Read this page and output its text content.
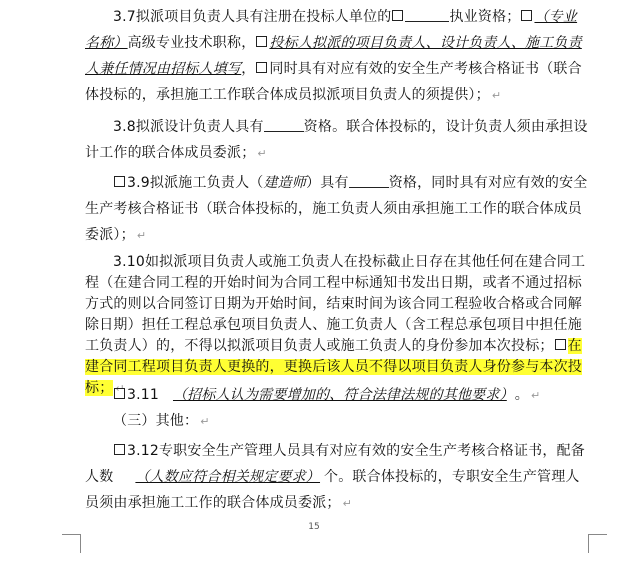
3.7拟派项目负责人具有注册在投标人单位的	执业资格； （专业名称）高级专业技术职称， 投标人拟派的项目负责人、设计负责人、施工负责人兼任情况由招标人填写， 同时具有对应有效的安全生产考核合格证书（联合体投标的，承担施工工作联合体成员拟派项目负责人的须提供）； ↵
3.8拟派设计负责人具有	资格。联合体投标的，设计负责人须由承担设计工作的联合体成员委派； ↵
3.9拟派施工负责人（建造师）具有	资格，同时具有对应有效的安全生产考核合格证书（联合体投标的，施工负责人须由承担施工工作的联合体成员委派）； ↵
3.10如拟派项目负责人或施工负责人在投标截止日存在其他任何在建合同工程（在建合同工程的开始时间为合同工程中标通知书发出日期，或者不通过招标方式的则以合同签订日期为开始时间，结束时间为该合同工程验收合格或合同解除日期）担任工程总承包项目负责人、施工负责人（含工程总承包项目中担任施工负责人）的，不得以拟派项目负责人或施工负责人的身份参加本次投标； 在建合同工程项目负责人更换的，更换后该人员不得以项目负责人身份参与本次投标； ↵ 3.11 （招标人认为需要增加的、符合法律法规的其他要求） 。 ↵
（三）其他： ↵
3.12专职安全生产管理人员具有对应有效的安全生产考核合格证书，配备人数 （人数应符合相关规定要求） 个。联合体投标的，专职安全生产管理人员须由承担施工工作的联合体成员委派； ↵
15
